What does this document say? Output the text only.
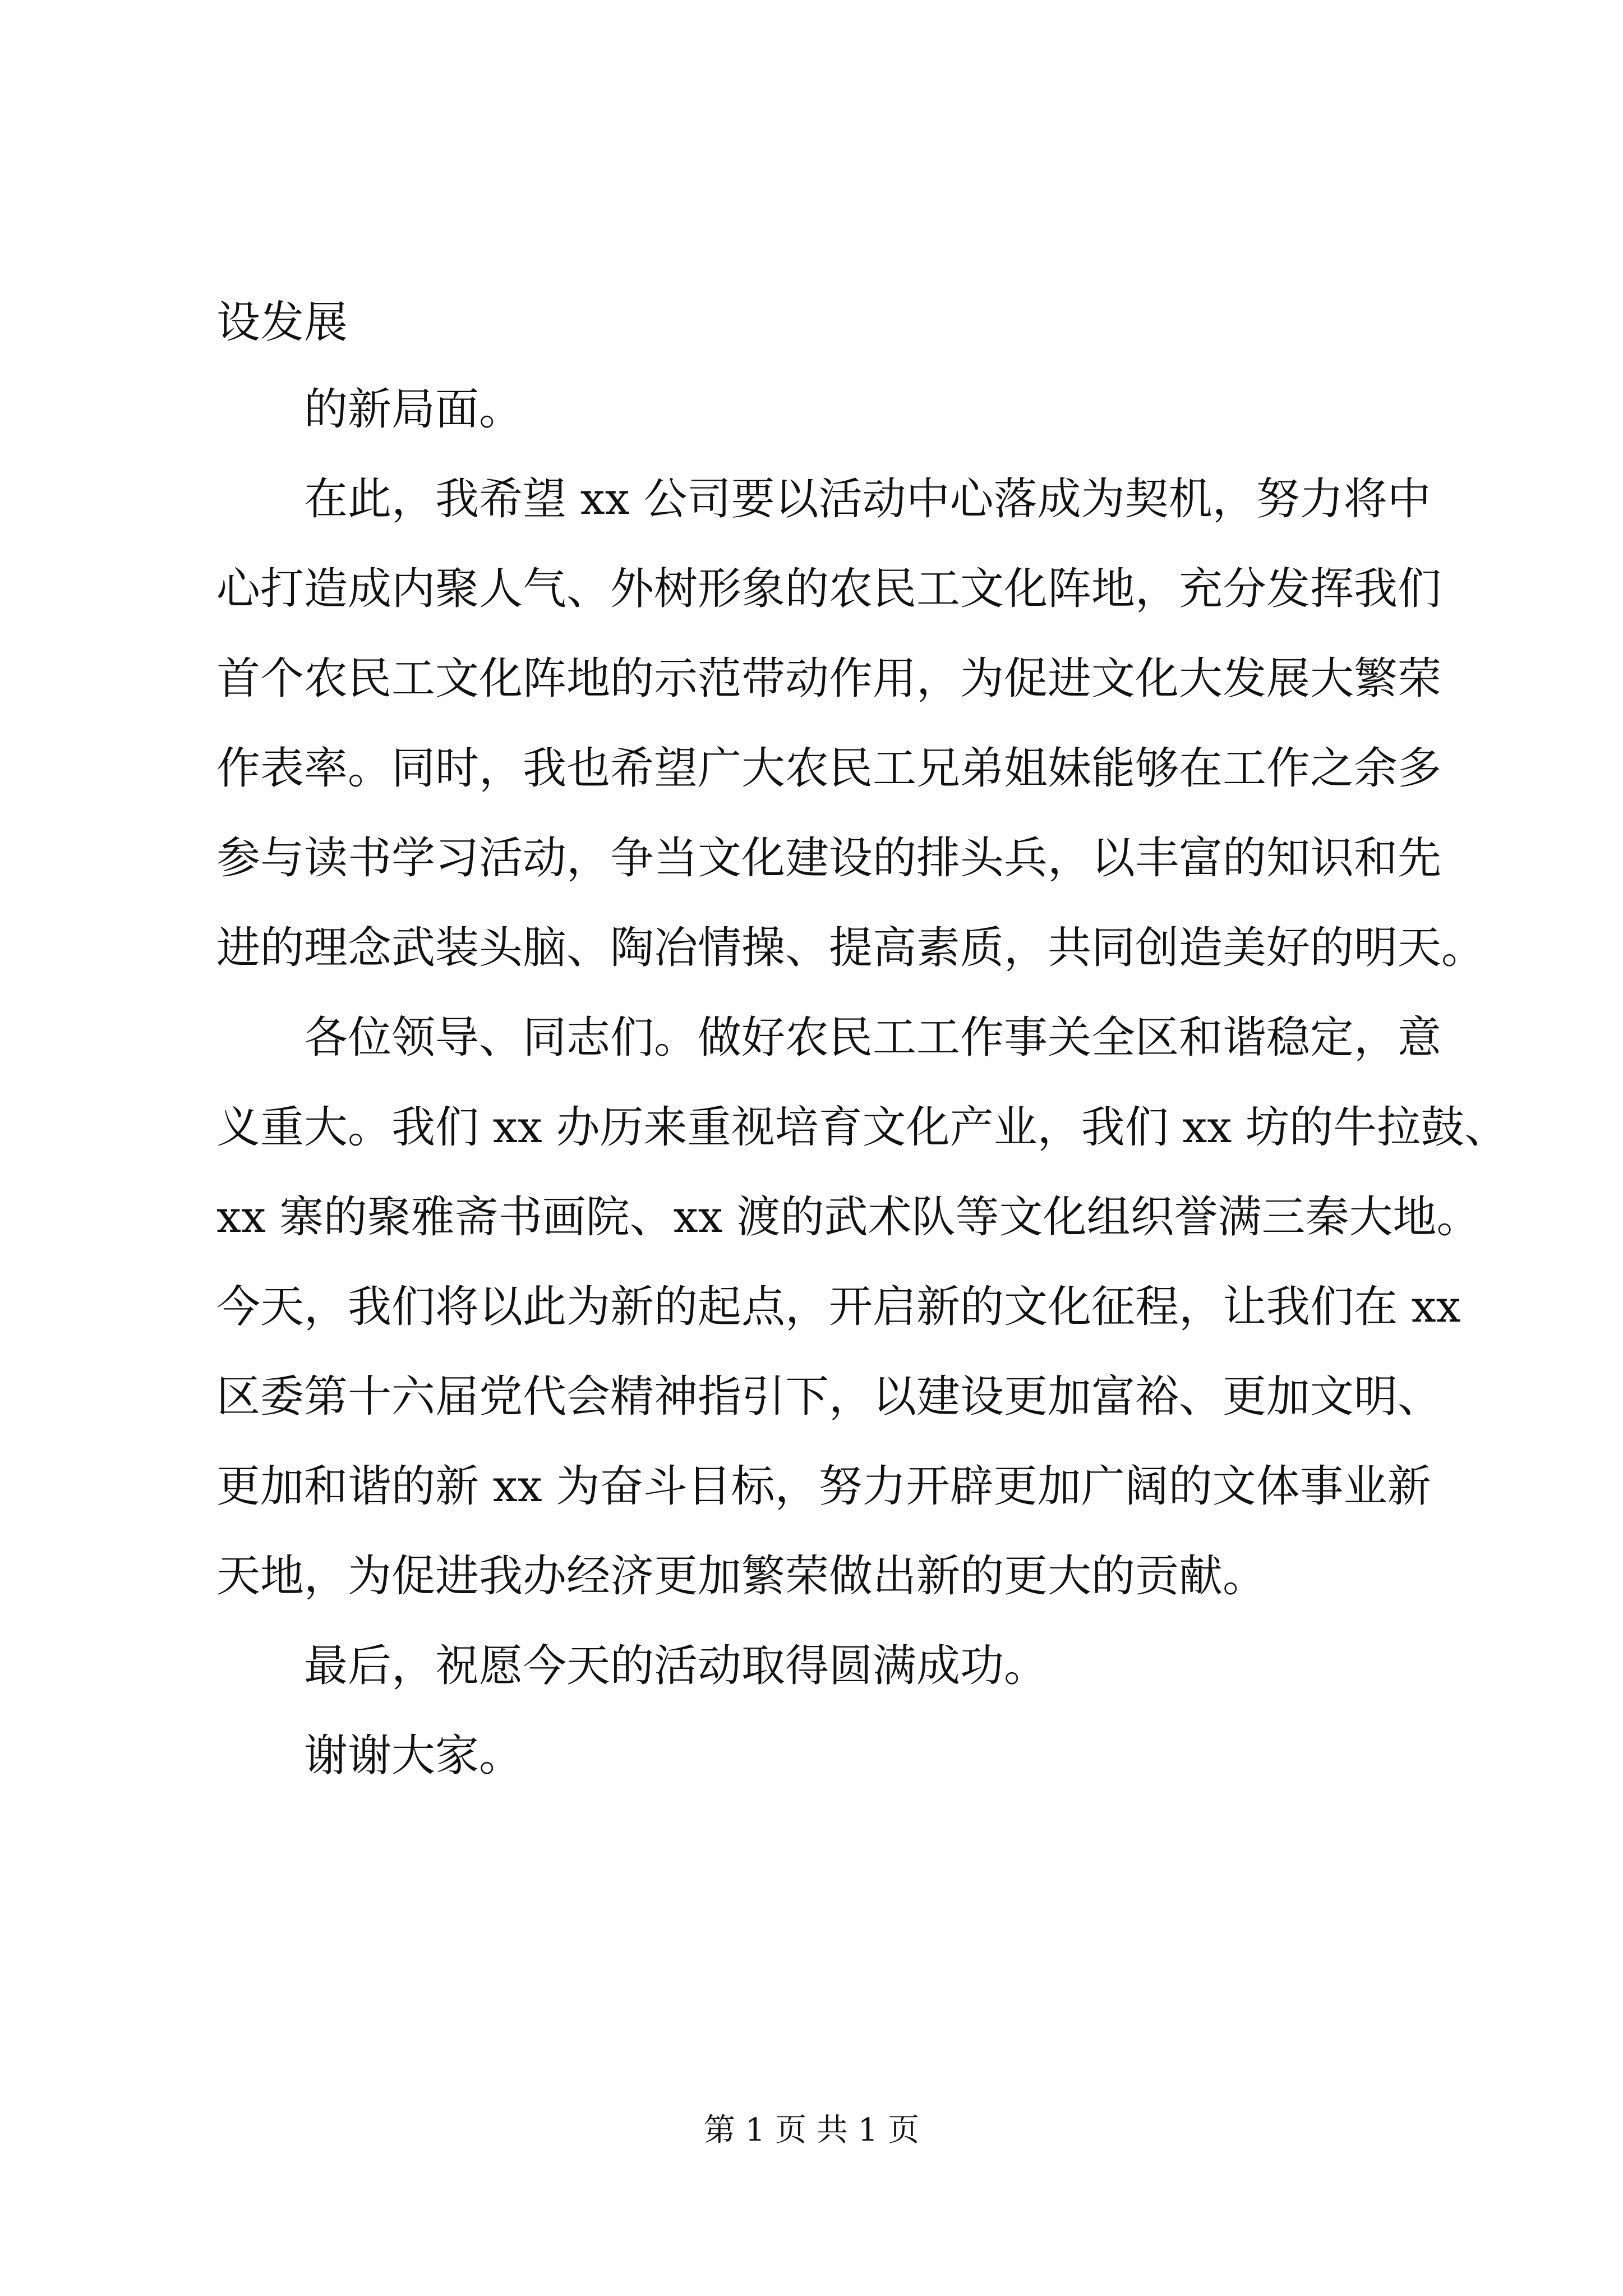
设发展
的新局面。
在此，我希望 xx 公司要以活动中心落成为契机，努力将中
心打造成内聚人气、外树形象的农民工文化阵地，充分发挥我们
首个农民工文化阵地的示范带动作用，为促进文化大发展大繁荣
作表率。同时，我也希望广大农民工兄弟姐妹能够在工作之余多
参与读书学习活动，争当文化建设的排头兵，以丰富的知识和先
进的理念武装头脑、陶冶情操、提高素质，共同创造美好的明天。
各位领导、同志们。做好农民工工作事关全区和谐稳定，意
义重大。我们 xx 办历来重视培育文化产业，我们 xx 坊的牛拉鼓、
xx 寨的聚雅斋书画院、xx 渡的武术队等文化组织誉满三秦大地。
今天，我们将以此为新的起点，开启新的文化征程，让我们在 xx
区委第十六届党代会精神指引下，以建设更加富裕、更加文明、
更加和谐的新 xx 为奋斗目标，努力开辟更加广阔的文体事业新
天地，为促进我办经济更加繁荣做出新的更大的贡献。
最后，祝愿今天的活动取得圆满成功。
谢谢大家。
第 1 页 共 1 页
